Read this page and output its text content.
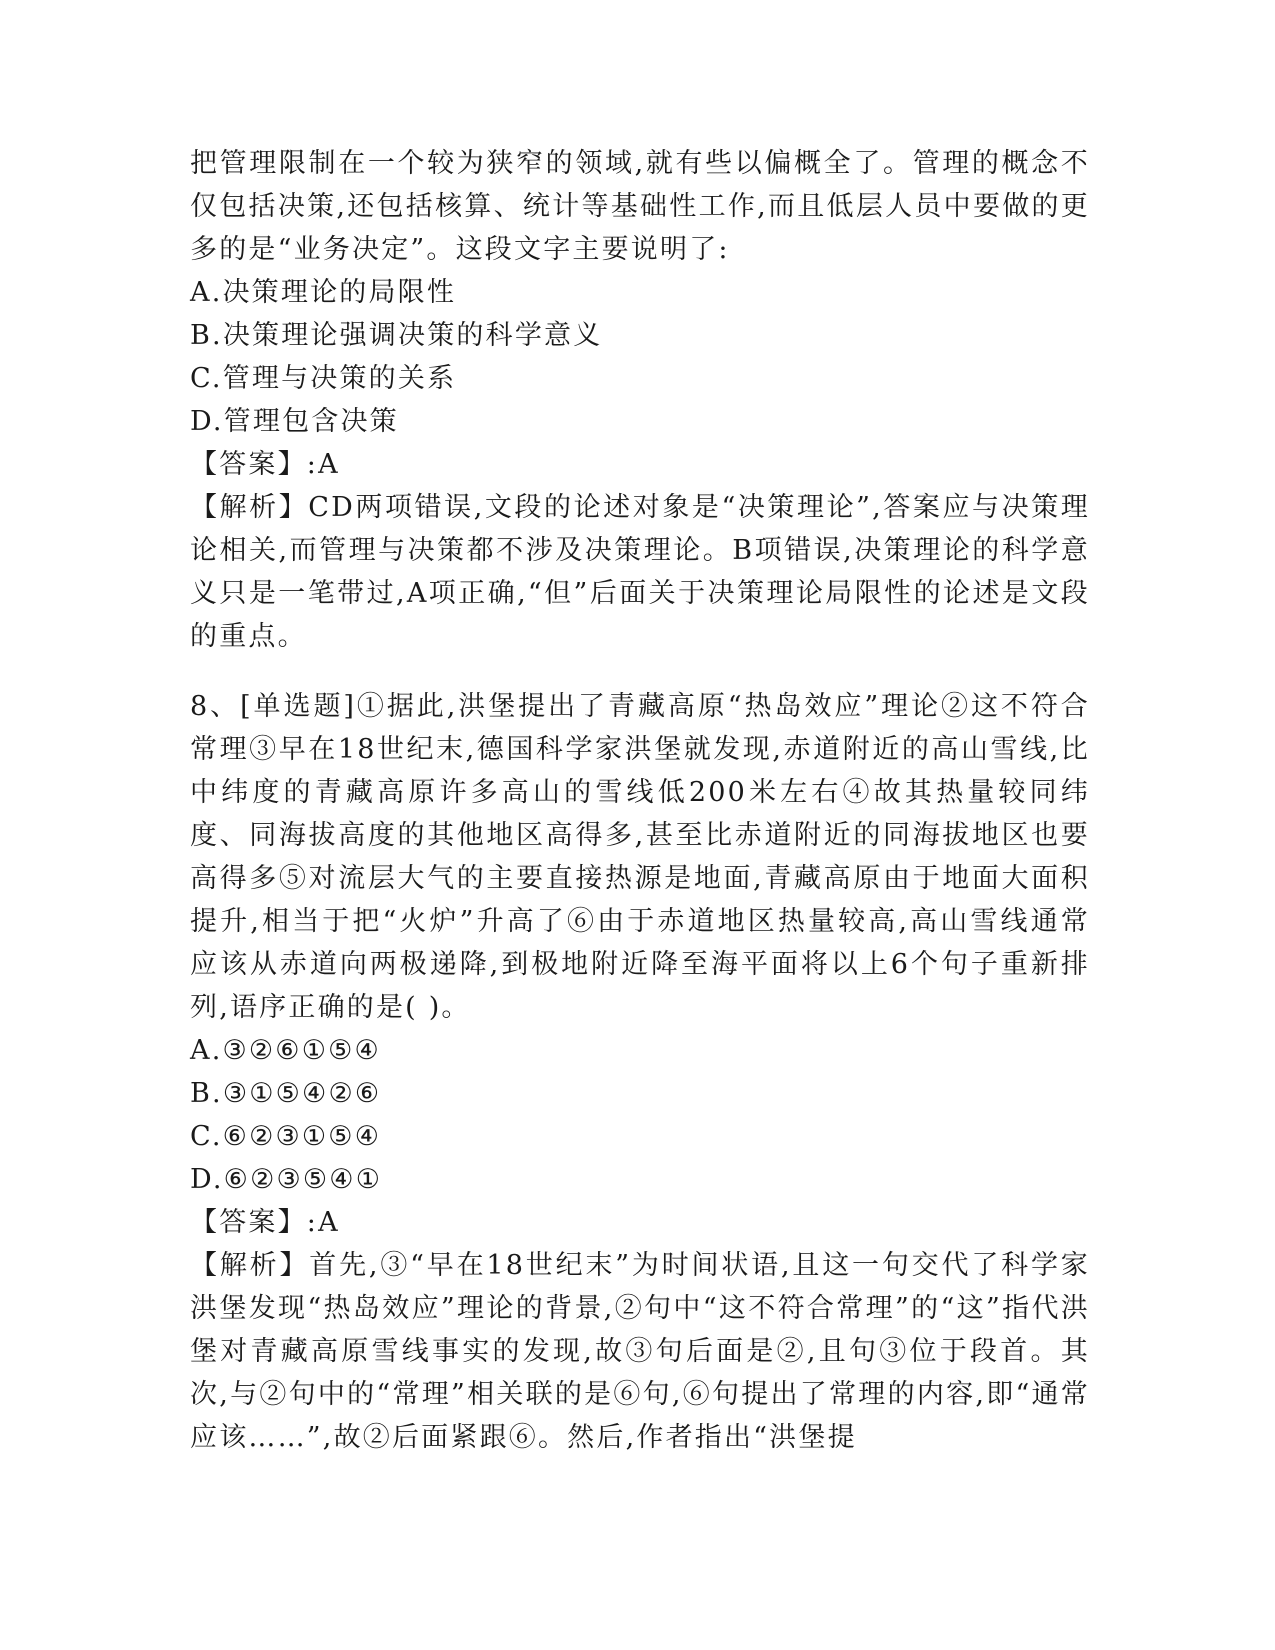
把管理限制在一个较为狭窄的领域,就有些以偏概全了。管理的概念不仅包括决策,还包括核算、统计等基础性工作,而且低层人员中要做的更多的是“业务决定”。这段文字主要说明了:

A.决策理论的局限性

B.决策理论强调决策的科学意义

C.管理与决策的关系

D.管理包含决策

【答案】:A

【解析】CD两项错误,文段的论述对象是“决策理论”,答案应与决策理论相关,而管理与决策都不涉及决策理论。B项错误,决策理论的科学意义只是一笔带过,A项正确,“但”后面关于决策理论局限性的论述是文段的重点。

8、[单选题]①据此,洪堡提出了青藏高原“热岛效应”理论②这不符合常理③早在18世纪末,德国科学家洪堡就发现,赤道附近的高山雪线,比中纬度的青藏高原许多高山的雪线低200米左右④故其热量较同纬度、同海拔高度的其他地区高得多,甚至比赤道附近的同海拔地区也要高得多⑤对流层大气的主要直接热源是地面,青藏高原由于地面大面积提升,相当于把“火炉”升高了⑥由于赤道地区热量较高,高山雪线通常应该从赤道向两极递降,到极地附近降至海平面将以上6个句子重新排列,语序正确的是( )。

A.③②⑥①⑤④

B.③①⑤④②⑥

C.⑥②③①⑤④

D.⑥②③⑤④①

【答案】:A

【解析】首先,③“早在18世纪末”为时间状语,且这一句交代了科学家洪堡发现“热岛效应”理论的背景,②句中“这不符合常理”的“这”指代洪堡对青藏高原雪线事实的发现,故③句后面是②,且句③位于段首。其次,与②句中的“常理”相关联的是⑥句,⑥句提出了常理的内容,即“通常应该……”,故②后面紧跟⑥。然后,作者指出“洪堡提
